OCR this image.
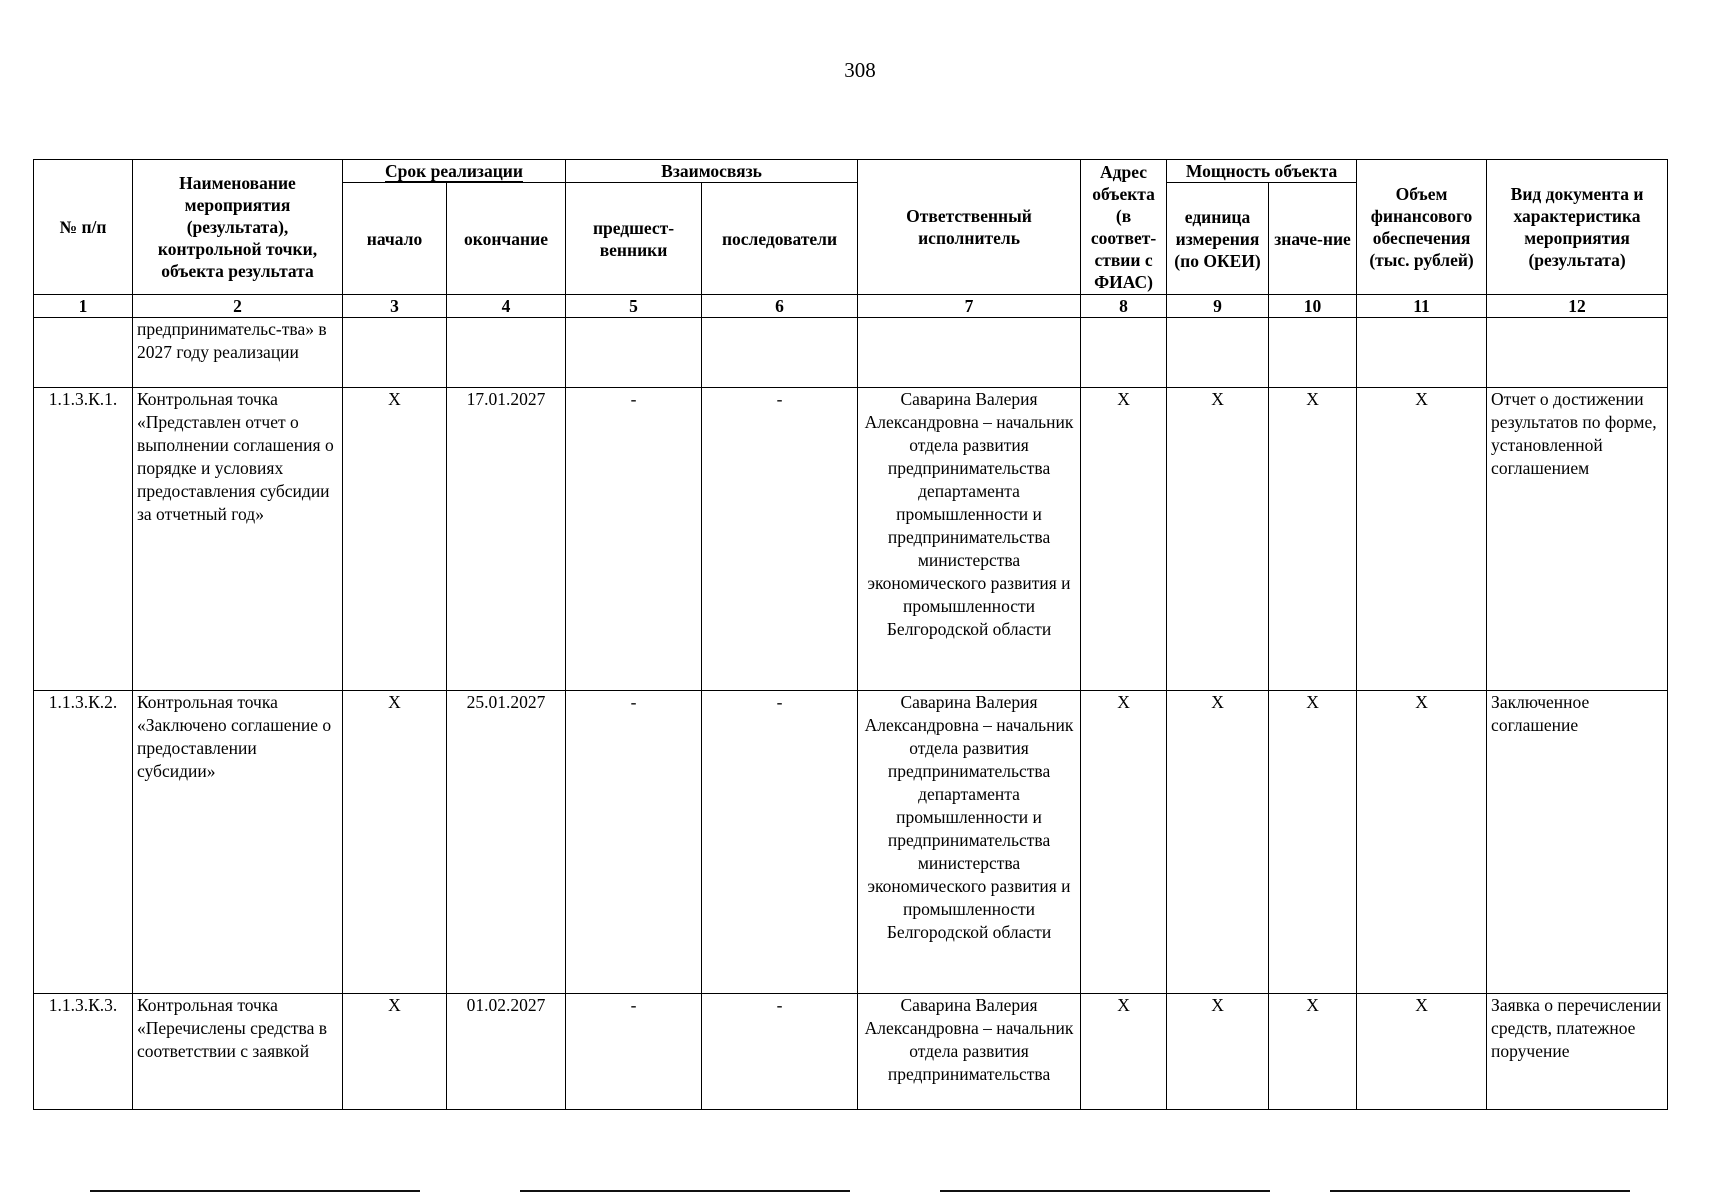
308
№ п/п	Наименование мероприятия (результата), контрольной точки, объекта результата	Срок реализации		Взаимосвязь		Ответственный исполнитель	Адрес объекта (в соответ-ствии с ФИАС)	Мощность объекта		Объем финансового обеспечения (тыс. рублей)	Вид документа и характеристика мероприятия (результата)
		начало	окончание	предшест-венники	последователи			единица измерения (по ОКЕИ)	значе-ние		
1	2	3	4	5	6	7	8	9	10	11	12
	предпринимательс-тва» в 2027 году реализации										
1.1.3.К.1.	Контрольная точка «Представлен отчет о выполнении соглашения о порядке и условиях предоставления субсидии за отчетный год»	Х	17.01.2027	-	-	Саварина Валерия Александровна – начальник отдела развития предпринимательства департамента промышленности и предпринимательства министерства экономического развития и промышленности Белгородской области	Х	Х	Х	Х	Отчет о достижении результатов по форме, установленной соглашением
1.1.3.К.2.	Контрольная точка «Заключено соглашение о предоставлении субсидии»	Х	25.01.2027	-	-	Саварина Валерия Александровна – начальник отдела развития предпринимательства департамента промышленности и предпринимательства министерства экономического развития и промышленности Белгородской области	Х	Х	Х	Х	Заключенное соглашение
1.1.3.К.3.	Контрольная точка «Перечислены средства в соответствии с заявкой	Х	01.02.2027	-	-	Саварина Валерия Александровна – начальник отдела развития предпринимательства	Х	Х	Х	Х	Заявка о перечислении средств, платежное поручение
